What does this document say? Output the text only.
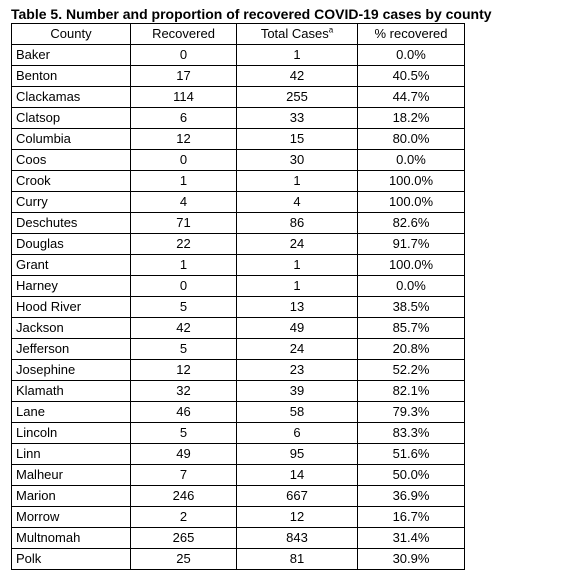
Table 5. Number and proportion of recovered COVID-19 cases by county
County	Recovered	Total Cases$^a$	% recovered
Baker	0	1	0.0%
Benton	17	42	40.5%
Clackamas	114	255	44.7%
Clatsop	6	33	18.2%
Columbia	12	15	80.0%
Coos	0	30	0.0%
Crook	1	1	100.0%
Curry	4	4	100.0%
Deschutes	71	86	82.6%
Douglas	22	24	91.7%
Grant	1	1	100.0%
Harney	0	1	0.0%
Hood River	5	13	38.5%
Jackson	42	49	85.7%
Jefferson	5	24	20.8%
Josephine	12	23	52.2%
Klamath	32	39	82.1%
Lane	46	58	79.3%
Lincoln	5	6	83.3%
Linn	49	95	51.6%
Malheur	7	14	50.0%
Marion	246	667	36.9%
Morrow	2	12	16.7%
Multnomah	265	843	31.4%
Polk	25	81	30.9%
